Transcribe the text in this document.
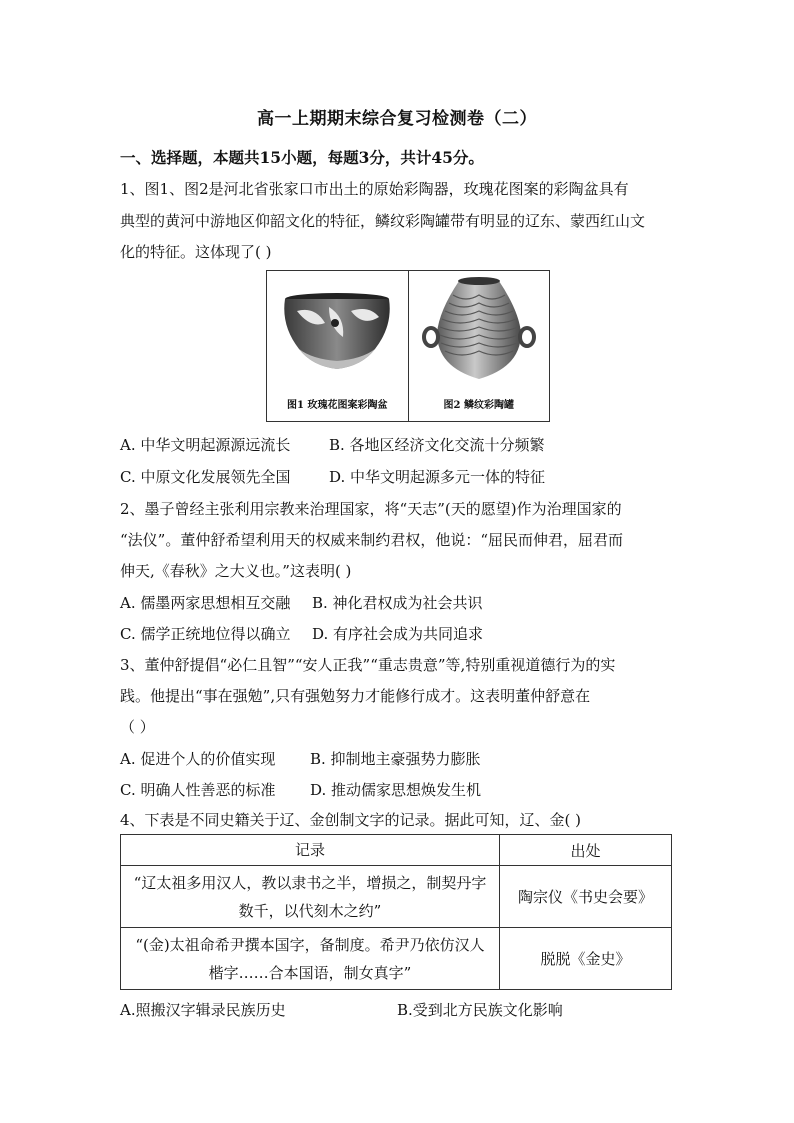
高一上期期末综合复习检测卷（二）
一、选择题，本题共15小题，每题3分，共计45分。
1、图1、图2是河北省张家口市出土的原始彩陶器，玫瑰花图案的彩陶盆具有
典型的黄河中游地区仰韶文化的特征，鳞纹彩陶罐带有明显的辽东、蒙西红山文
化的特征。这体现了( )
图1 玫瑰花图案彩陶盆	图2 鳞纹彩陶罐
A. 中华文明起源源远流长	B. 各地区经济文化交流十分频繁
C. 中原文化发展领先全国	D. 中华文明起源多元一体的特征
2、墨子曾经主张利用宗教来治理国家，将“天志”(天的愿望)作为治理国家的
“法仪”。董仲舒希望利用天的权威来制约君权，他说：“屈民而伸君，屈君而
伸天,《春秋》之大义也。”这表明( )
A. 儒墨两家思想相互交融 B. 神化君权成为社会共识
C. 儒学正统地位得以确立 D. 有序社会成为共同追求
3、董仲舒提倡“必仁且智”“安人正我”“重志贵意”等,特别重视道德行为的实
践。他提出“事在强勉”,只有强勉努力才能修行成才。这表明董仲舒意在
（ ）
A. 促进个人的价值实现 B. 抑制地主豪强势力膨胀
C. 明确人性善恶的标准 D. 推动儒家思想焕发生机
4、下表是不同史籍关于辽、金创制文字的记录。据此可知，辽、金( )
记录	出处

“辽太祖多用汉人，教以隶书之半，增损之，制契丹字
数千，以代刻木之约”	陶宗仪《书史会要》

“(金)太祖命希尹撰本国字，备制度。希尹乃依仿汉人
楷字……合本国语，制女真字”	脱脱《金史》
A.照搬汉字辑录民族历史	B.受到北方民族文化影响
